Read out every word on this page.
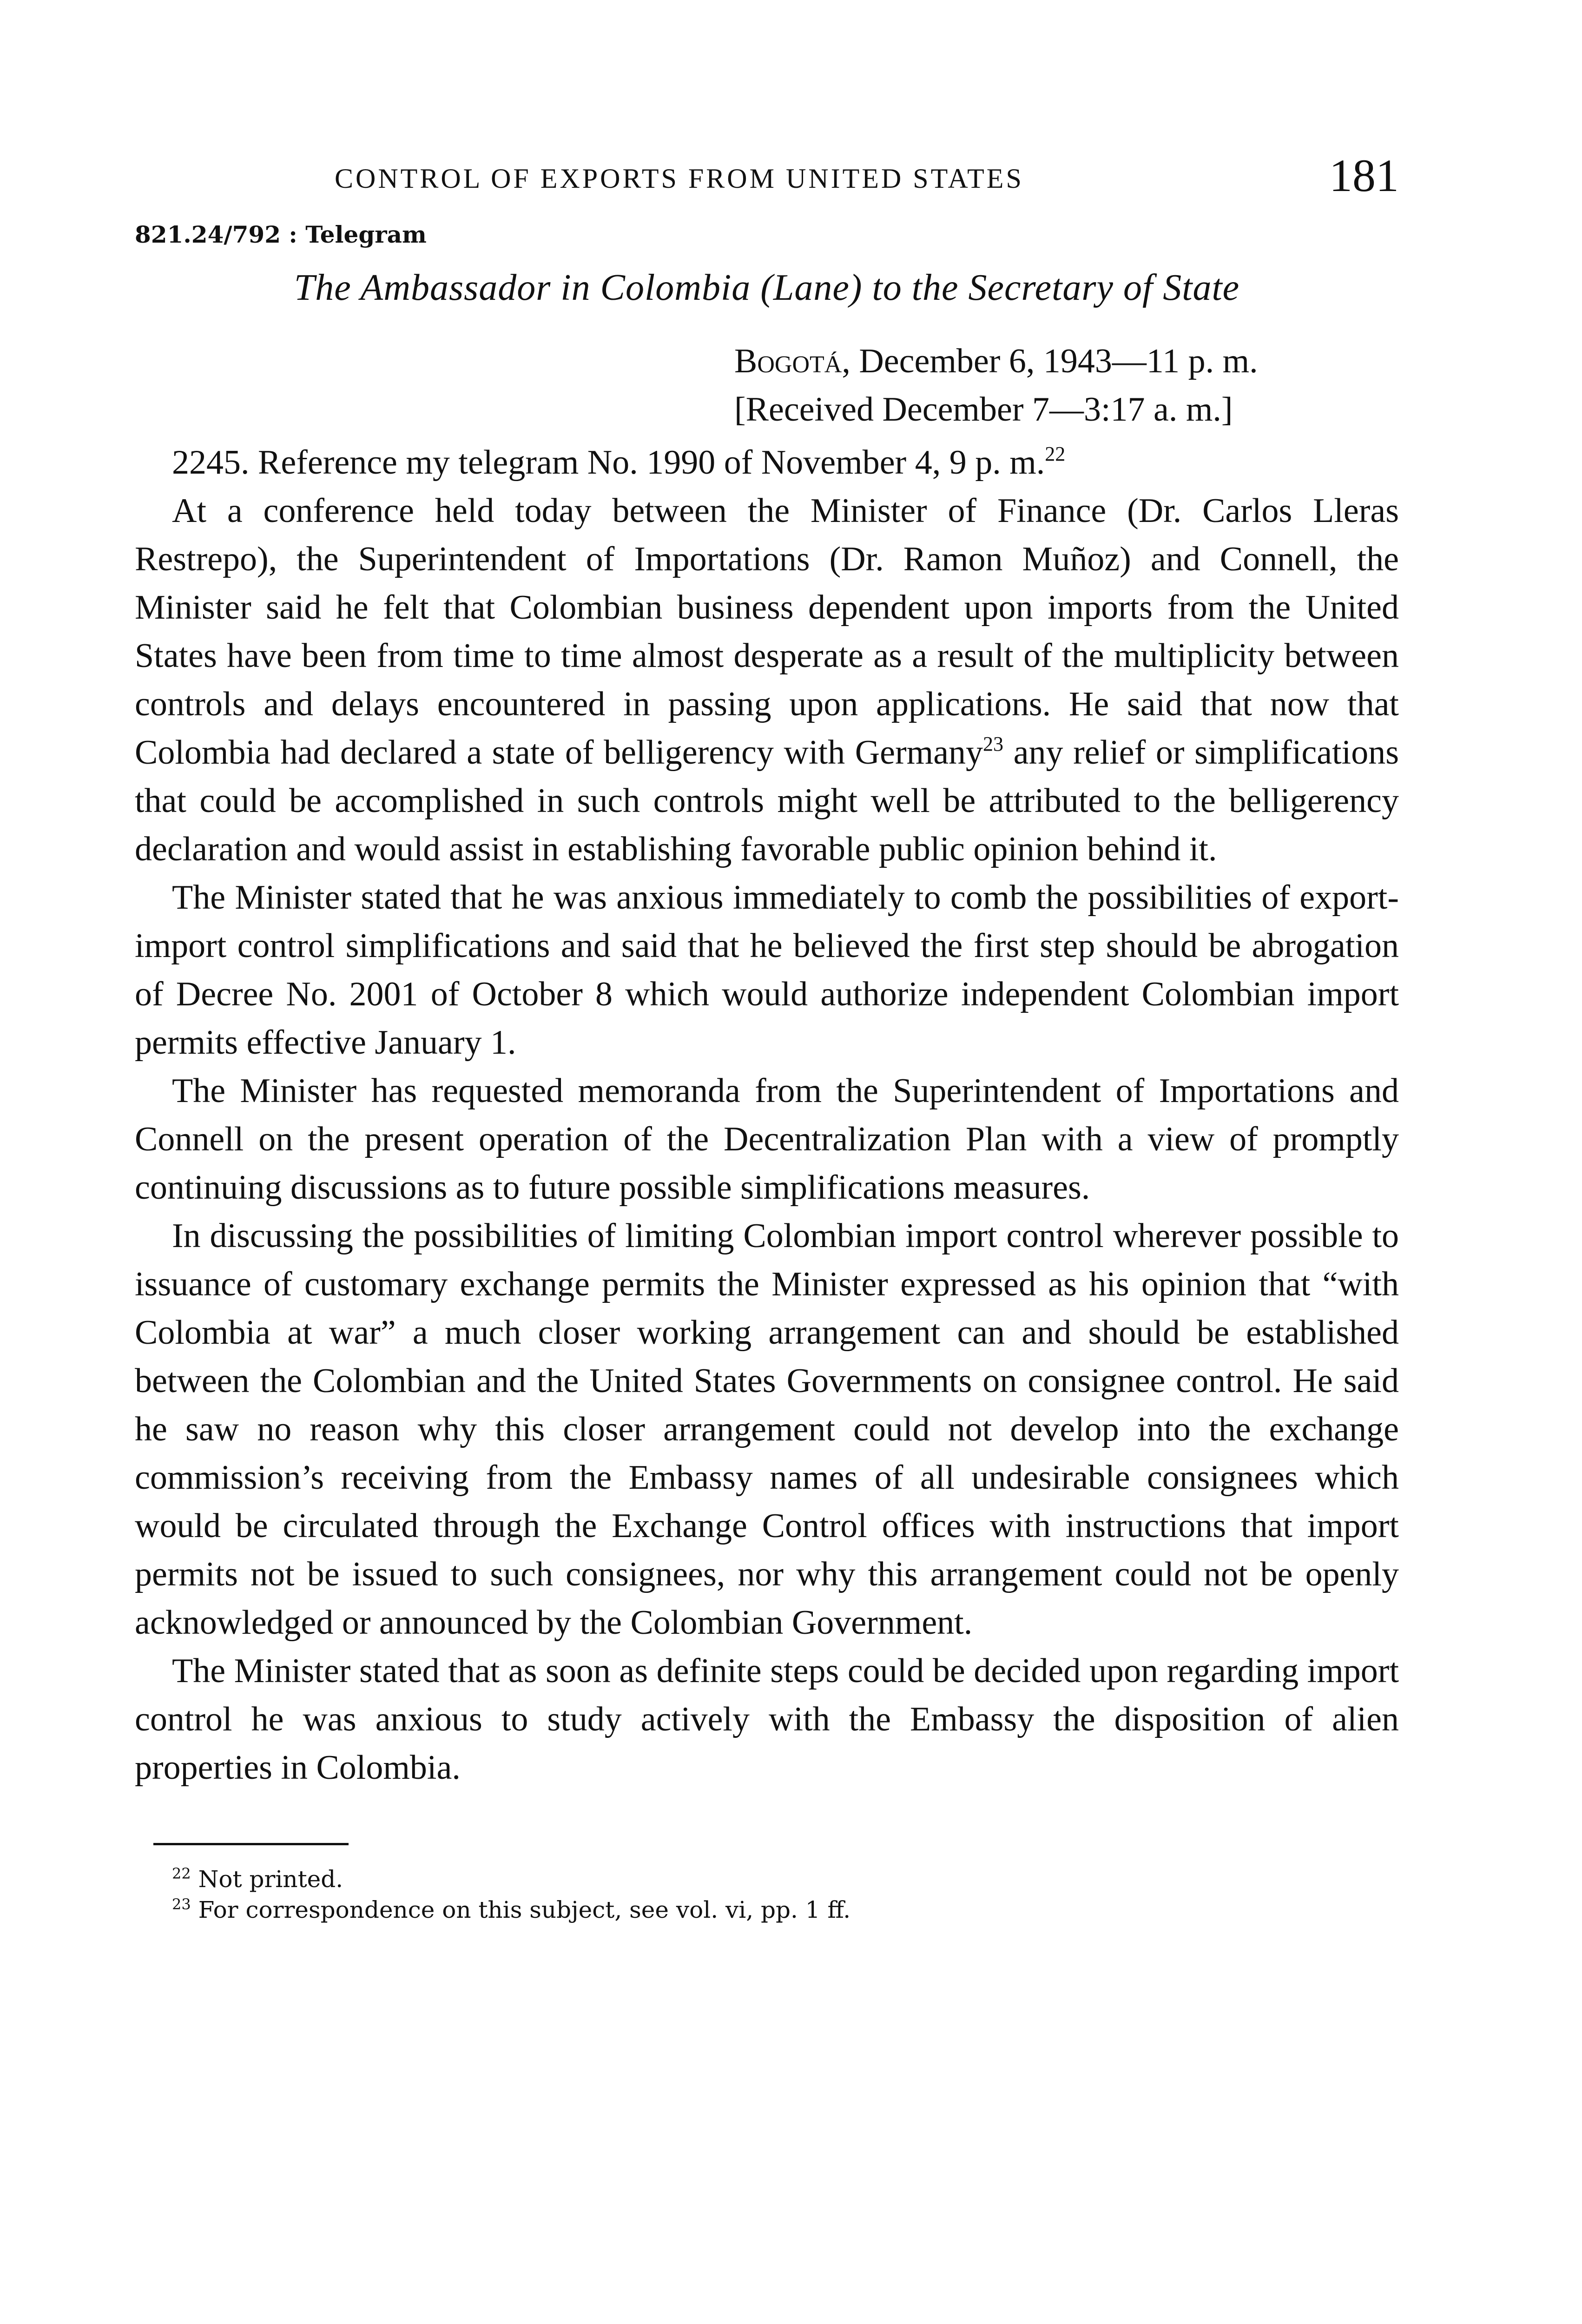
CONTROL OF EXPORTS FROM UNITED STATES	181
821.24/792 : Telegram
The Ambassador in Colombia (Lane) to the Secretary of State
Bogotá, December 6, 1943—11 p. m.
[Received December 7—3:17 a. m.]

2245. Reference my telegram No. 1990 of November 4, 9 p. m.$^{22}$

At a conference held today between the Minister of Finance (Dr. Carlos Lleras Restrepo), the Superintendent of Importations (Dr. Ramon Muñoz) and Connell, the Minister said he felt that Colombian business dependent upon imports from the United States have been from time to time almost desperate as a result of the multiplicity between controls and delays encountered in passing upon applications. He said that now that Colombia had declared a state of belligerency with Germany$^{23}$ any relief or simplifications that could be accomplished in such controls might well be attributed to the belligerency declaration and would assist in establishing favorable public opinion behind it.

The Minister stated that he was anxious immediately to comb the possibilities of export-import control simplifications and said that he believed the first step should be abrogation of Decree No. 2001 of October 8 which would authorize independent Colombian import permits effective January 1.

The Minister has requested memoranda from the Superintendent of Importations and Connell on the present operation of the Decentralization Plan with a view of promptly continuing discussions as to future possible simplifications measures.

In discussing the possibilities of limiting Colombian import control wherever possible to issuance of customary exchange permits the Minister expressed as his opinion that “with Colombia at war” a much closer working arrangement can and should be established between the Colombian and the United States Governments on consignee control. He said he saw no reason why this closer arrangement could not develop into the exchange commission’s receiving from the Embassy names of all undesirable consignees which would be circulated through the Exchange Control offices with instructions that import permits not be issued to such consignees, nor why this arrangement could not be openly acknowledged or announced by the Colombian Government.

The Minister stated that as soon as definite steps could be decided upon regarding import control he was anxious to study actively with the Embassy the disposition of alien properties in Colombia.

$^{22}$ Not printed.
$^{23}$ For correspondence on this subject, see vol. vi, pp. 1 ff.
